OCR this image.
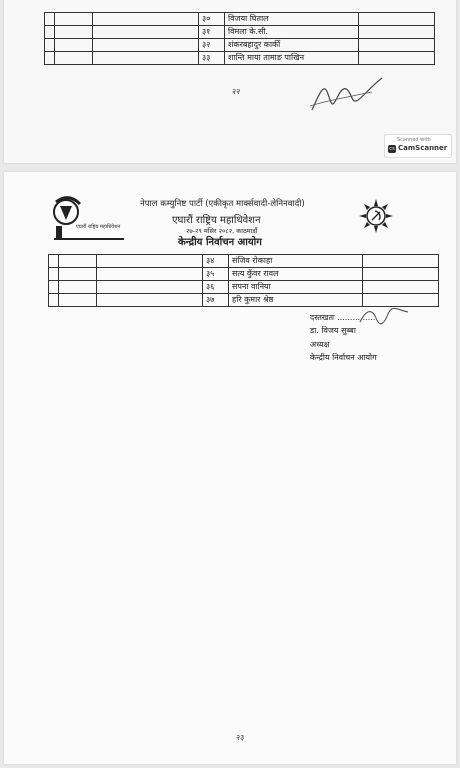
			३०	विजया घिताल	
			३१	विमला के.सी.	
			३२	शंकरबहादुर कार्की	
			३३	शान्ति माया तामाङ पाखिन	
२२
Scanned with
cs CamScanner
एघारौं राष्ट्रिय महाधिवेशन
नेपाल कम्युनिष्ट पार्टी (एकीकृत मार्क्सवादी-लेनिनवादी)
एघारौं राष्ट्रिय महाधिवेशन
२७-२९ मंसिर २०८२, काठमाडौं
केन्द्रीय निर्वाचन आयोग
			३४	संजिव रोकाहा	
			३५	सत्य कुँवर रावल	
			३६	सपना वानिया	
			३७	हरि कुमार श्रेष्ठ	
दस्तखतः ...............
डा. विजय सुब्बा
अध्यक्ष
केन्द्रीय निर्वाचन आयोग
२३
